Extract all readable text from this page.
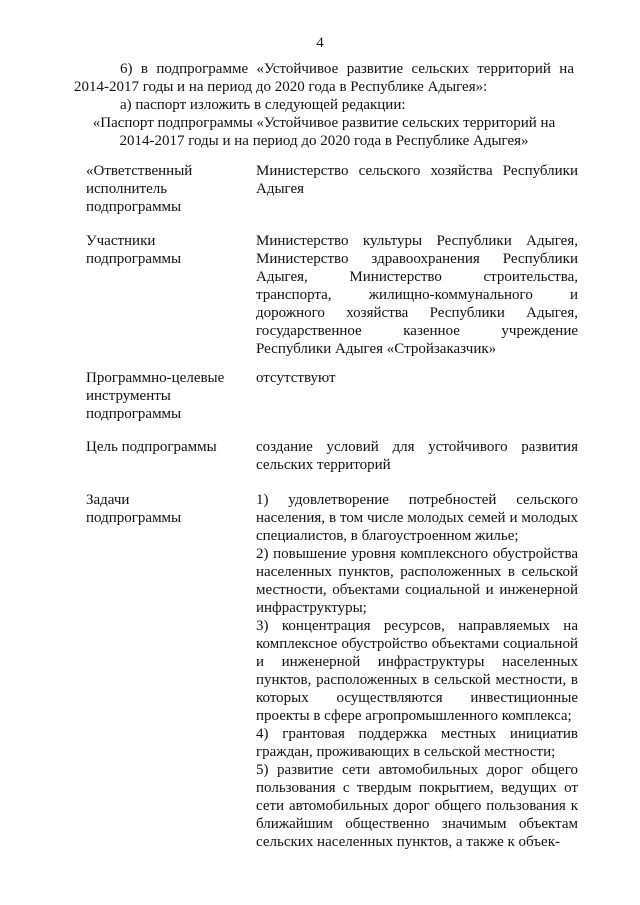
4

6) в подпрограмме «Устойчивое развитие сельских территорий на 2014-2017 годы и на период до 2020 года в Республике Адыгея»:

а) паспорт изложить в следующей редакции:

«Паспорт подпрограммы «Устойчивое развитие сельских территорий на 2014-2017 годы и на период до 2020 года в Республике Адыгея»

«Ответственный исполнитель подпрограммы
Министерство сельского хозяйства Республики Адыгея
Участники подпрограммы
Министерство культуры Республики Адыгея, Министерство здравоохранения Республики Адыгея, Министерство строительства, транспорта, жилищно-коммунального и дорожного хозяйства Республики Адыгея, государственное казенное учреждение Республики Адыгея «Стройзаказчик»
Программно-целевые инструменты подпрограммы
отсутствуют
Цель подпрограммы	создание условий для устойчивого развития сельских территорий
Задачи подпрограммы

1) удовлетворение потребностей сельского населения, в том числе молодых семей и молодых специалистов, в благоустроенном жилье;

2) повышение уровня комплексного обустройства населенных пунктов, расположенных в сельской местности, объектами социальной и инженерной инфраструктуры;

3) концентрация ресурсов, направляемых на комплексное обустройство объектами социальной и инженерной инфраструктуры населенных пунктов, расположенных в сельской местности, в которых осуществляются инвестиционные проекты в сфере агропромышленного комплекса;

4) грантовая поддержка местных инициатив граждан, проживающих в сельской местности;

5) развитие сети автомобильных дорог общего пользования с твердым покрытием, ведущих от сети автомобильных дорог общего пользования к ближайшим общественно значимым объектам сельских населенных пунктов, а также к объек-
